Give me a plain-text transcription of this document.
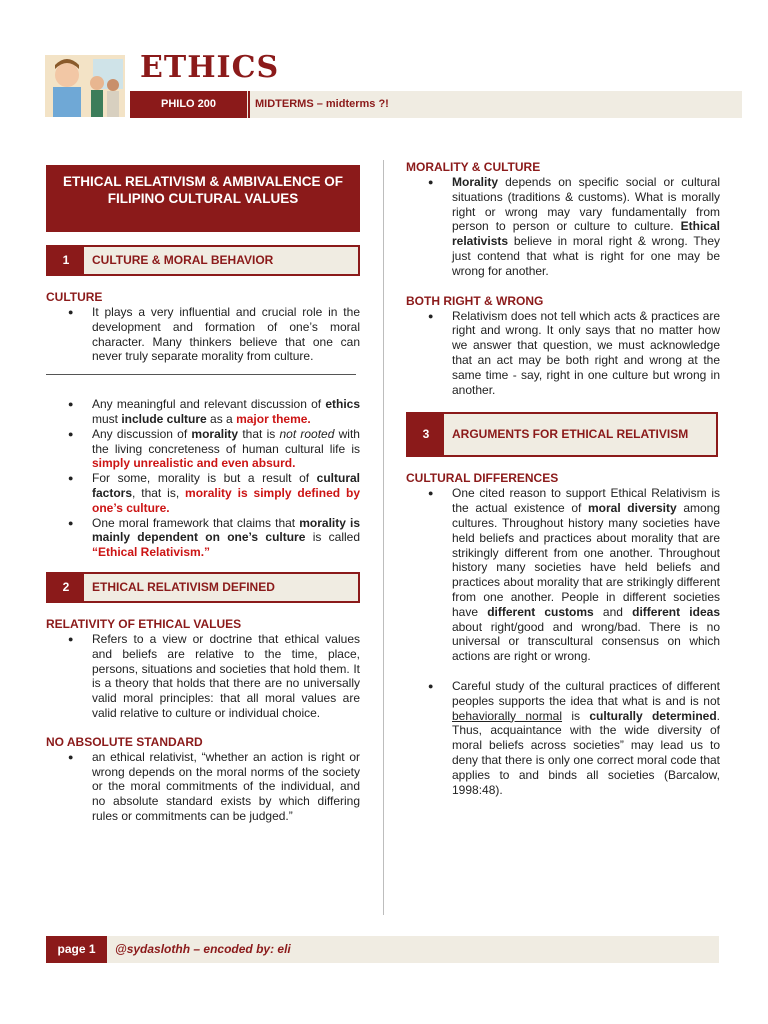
ETHICS
PHILO 200	MIDTERMS – midterms ?!
ETHICAL RELATIVISM & AMBIVALENCE OF FILIPINO CULTURAL VALUES
1	CULTURE & MORAL BEHAVIOR
CULTURE
● It plays a very influential and crucial role in the development and formation of one’s moral character. Many thinkers believe that one can never truly separate morality from culture.
● Any meaningful and relevant discussion of ethics must include culture as a major theme.
● Any discussion of morality that is not rooted with the living concreteness of human cultural life is simply unrealistic and even absurd.
● For some, morality is but a result of cultural factors, that is, morality is simply defined by one’s culture.
● One moral framework that claims that morality is mainly dependent on one’s culture is called “Ethical Relativism.”
2	ETHICAL RELATIVISM DEFINED
RELATIVITY OF ETHICAL VALUES
● Refers to a view or doctrine that ethical values and beliefs are relative to the time, place, persons, situations and societies that hold them. It is a theory that holds that there are no universally valid moral principles: that all moral values are valid relative to culture or individual choice.
NO ABSOLUTE STANDARD
● an ethical relativist, “whether an action is right or wrong depends on the moral norms of the society or the moral commitments of the individual, and no absolute standard exists by which differing rules or commitments can be judged.”
MORALITY & CULTURE
● Morality depends on specific social or cultural situations (traditions & customs). What is morally right or wrong may vary fundamentally from person to person or culture to culture. Ethical relativists believe in moral right & wrong. They just contend that what is right for one may be wrong for another.
BOTH RIGHT & WRONG
● Relativism does not tell which acts & practices are right and wrong. It only says that no matter how we answer that question, we must acknowledge that an act may be both right and wrong at the same time - say, right in one culture but wrong in another.
3	ARGUMENTS FOR ETHICAL RELATIVISM
CULTURAL DIFFERENCES
● One cited reason to support Ethical Relativism is the actual existence of moral diversity among cultures. Throughout history many societies have held beliefs and practices about morality that are strikingly different from one another. Throughout history many societies have held beliefs and practices about morality that are strikingly different from one another. People in different societies have different customs and different ideas about right/good and wrong/bad. There is no universal or transcultural consensus on which actions are right or wrong.
● Careful study of the cultural practices of different peoples supports the idea that what is and is not behaviorally normal is culturally determined. Thus, acquaintance with the wide diversity of moral beliefs across societies” may lead us to deny that there is only one correct moral code that applies to and binds all societies (Barcalow, 1998:48).
page 1	@sydaslothh – encoded by: eli
